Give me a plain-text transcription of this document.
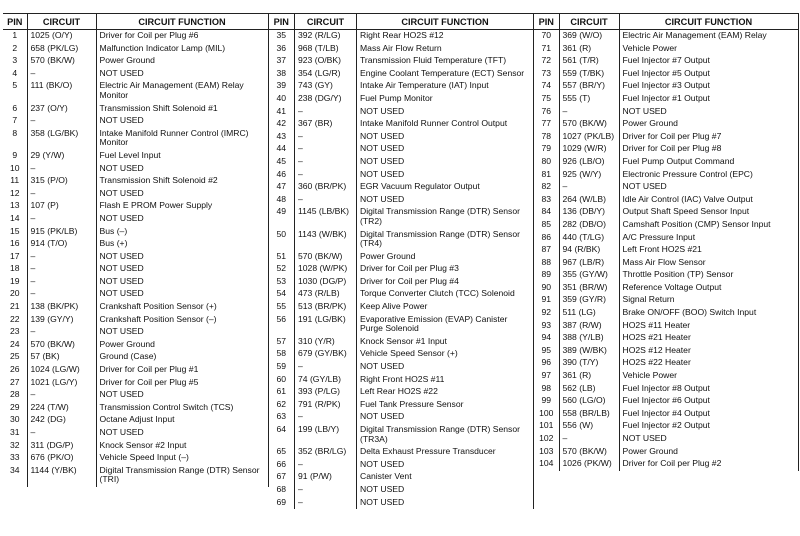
PIN	CIRCUIT	CIRCUIT FUNCTION
1	1025 (O/Y)	Driver for Coil per Plug #6
2	658 (PK/LG)	Malfunction Indicator Lamp (MIL)
3	570 (BK/W)	Power Ground
4	–	NOT USED
5	111 (BK/O)	Electric Air Management (EAM) Relay Monitor
6	237 (O/Y)	Transmission Shift Solenoid #1
7	–	NOT USED
8	358 (LG/BK)	Intake Manifold Runner Control (IMRC) Monitor
9	29 (Y/W)	Fuel Level Input
10	–	NOT USED
11	315 (P/O)	Transmission Shift Solenoid #2
12	–	NOT USED
13	107 (P)	Flash E PROM Power Supply
14	–	NOT USED
15	915 (PK/LB)	Bus (–)
16	914 (T/O)	Bus (+)
17	–	NOT USED
18	–	NOT USED
19	–	NOT USED
20	–	NOT USED
21	138 (BK/PK)	Crankshaft Position Sensor (+)
22	139 (GY/Y)	Crankshaft Position Sensor (–)
23	–	NOT USED
24	570 (BK/W)	Power Ground
25	57 (BK)	Ground (Case)
26	1024 (LG/W)	Driver for Coil per Plug #1
27	1021 (LG/Y)	Driver for Coil per Plug #5
28	–	NOT USED
29	224 (T/W)	Transmission Control Switch (TCS)
30	242 (DG)	Octane Adjust Input
31	–	NOT USED
32	311 (DG/P)	Knock Sensor #2 Input
33	676 (PK/O)	Vehicle Speed Input (–)
34	1144 (Y/BK)	Digital Transmission Range (DTR) Sensor (TRI)
PIN	CIRCUIT	CIRCUIT FUNCTION
35	392 (R/LG)	Right Rear HO2S #12
36	968 (T/LB)	Mass Air Flow Return
37	923 (O/BK)	Transmission Fluid Temperature (TFT)
38	354 (LG/R)	Engine Coolant Temperature (ECT) Sensor
39	743 (GY)	Intake Air Temperature (IAT) Input
40	238 (DG/Y)	Fuel Pump Monitor
41	–	NOT USED
42	367 (BR)	Intake Manifold Runner Control Output
43	–	NOT USED
44	–	NOT USED
45	–	NOT USED
46	–	NOT USED
47	360 (BR/PK)	EGR Vacuum Regulator Output
48	–	NOT USED
49	1145 (LB/BK)	Digital Transmission Range (DTR) Sensor (TR2)
50	1143 (W/BK)	Digital Transmission Range (DTR) Sensor (TR4)
51	570 (BK/W)	Power Ground
52	1028 (W/PK)	Driver for Coil per Plug #3
53	1030 (DG/P)	Driver for Coil per Plug #4
54	473 (R/LB)	Torque Converter Clutch (TCC) Solenoid
55	513 (BR/PK)	Keep Alive Power
56	191 (LG/BK)	Evaporative Emission (EVAP) Canister Purge Solenoid
57	310 (Y/R)	Knock Sensor #1 Input
58	679 (GY/BK)	Vehicle Speed Sensor (+)
59	–	NOT USED
60	74 (GY/LB)	Right Front HO2S #11
61	393 (P/LG)	Left Rear HO2S #22
62	791 (R/PK)	Fuel Tank Pressure Sensor
63	–	NOT USED
64	199 (LB/Y)	Digital Transmission Range (DTR) Sensor (TR3A)
65	352 (BR/LG)	Delta Exhaust Pressure Transducer
66	–	NOT USED
67	91 (P/W)	Canister Vent
68	–	NOT USED
69	–	NOT USED
PIN	CIRCUIT	CIRCUIT FUNCTION
70	369 (W/O)	Electric Air Management (EAM) Relay
71	361 (R)	Vehicle Power
72	561 (T/R)	Fuel Injector #7 Output
73	559 (T/BK)	Fuel Injector #5 Output
74	557 (BR/Y)	Fuel Injector #3 Output
75	555 (T)	Fuel Injector #1 Output
76	–	NOT USED
77	570 (BK/W)	Power Ground
78	1027 (PK/LB)	Driver for Coil per Plug #7
79	1029 (W/R)	Driver for Coil per Plug #8
80	926 (LB/O)	Fuel Pump Output Command
81	925 (W/Y)	Electronic Pressure Control (EPC)
82	–	NOT USED
83	264 (W/LB)	Idle Air Control (IAC) Valve Output
84	136 (DB/Y)	Output Shaft Speed Sensor Input
85	282 (DB/O)	Camshaft Position (CMP) Sensor Input
86	440 (T/LG)	A/C Pressure Input
87	94 (R/BK)	Left Front HO2S #21
88	967 (LB/R)	Mass Air Flow Sensor
89	355 (GY/W)	Throttle Position (TP) Sensor
90	351 (BR/W)	Reference Voltage Output
91	359 (GY/R)	Signal Return
92	511 (LG)	Brake ON/OFF (BOO) Switch Input
93	387 (R/W)	HO2S #11 Heater
94	388 (Y/LB)	HO2S #21 Heater
95	389 (W/BK)	HO2S #12 Heater
96	390 (T/Y)	HO2S #22 Heater
97	361 (R)	Vehicle Power
98	562 (LB)	Fuel Injector #8 Output
99	560 (LG/O)	Fuel Injector #6 Output
100	558 (BR/LB)	Fuel Injector #4 Output
101	556 (W)	Fuel Injector #2 Output
102	–	NOT USED
103	570 (BK/W)	Power Ground
104	1026 (PK/W)	Driver for Coil per Plug #2
